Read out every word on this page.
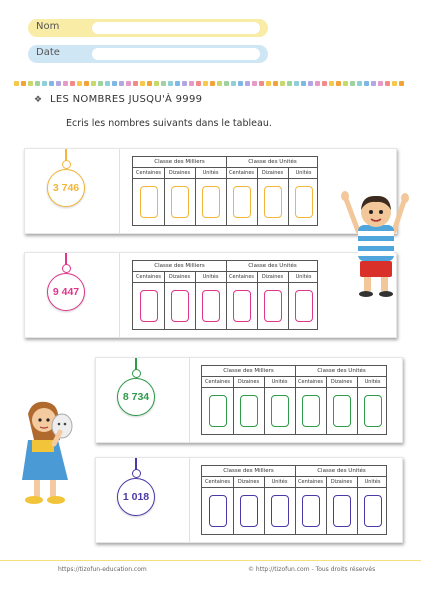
Nom
Date
❖ LES NOMBRES JUSQU'À 9999
Ecris les nombres suivants dans le tableau.
3 746
Classe des Milliers	Classe des Unités
Centaines	Dizaines	Unités	Centaines	Dizaines	Unités
9 447
Classe des Milliers	Classe des Unités
Centaines	Dizaines	Unités	Centaines	Dizaines	Unités
8 734
Classe des Milliers	Classe des Unités
Centaines	Dizaines	Unités	Centaines	Dizaines	Unités
1 018
Classe des Milliers	Classe des Unités
Centaines	Dizaines	Unités	Centaines	Dizaines	Unités
https://tizofun-education.com	© http://tizofun.com - Tous droits réservés
